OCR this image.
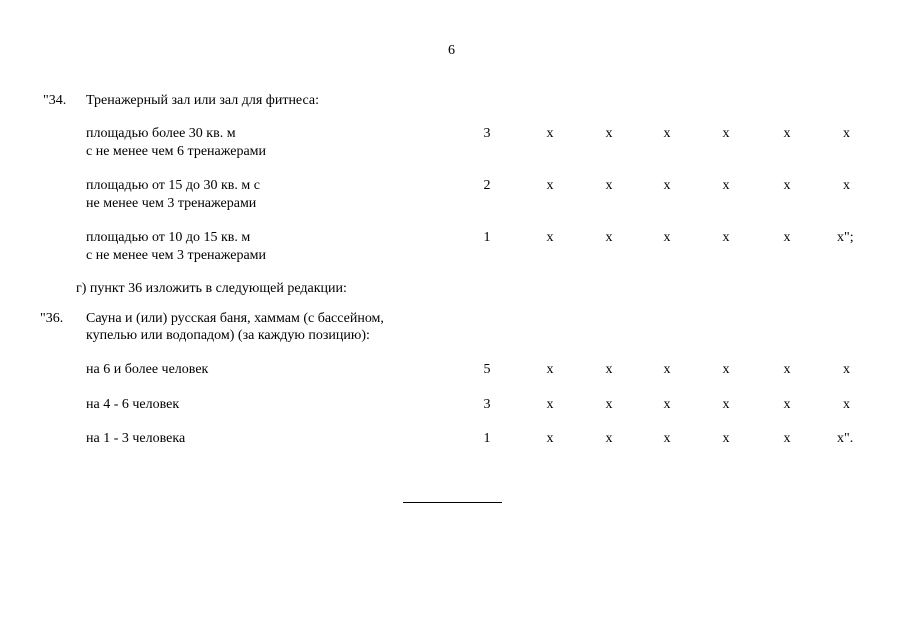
6
"34. Тренажерный зал или зал для фитнеса:
площадью более 30 кв. м
с не менее чем 6 тренажерами
3	х	х	х	х	х	х
площадью от 15 до 30 кв. м с
не менее чем 3 тренажерами
2	х	х	х	х	х	х
площадью от 10 до 15 кв. м
с не менее чем 3 тренажерами
1	х	х	х	х	х	х";
г) пункт 36 изложить в следующей редакции:
"36. Сауна и (или) русская баня, хаммам (с бассейном,
купелью или водопадом) (за каждую позицию):
на 6 и более человек	5	х	х	х	х	х	х
на 4 - 6 человек	3	х	х	х	х	х	х
на 1 - 3 человека	1	х	х	х	х	х	х".
